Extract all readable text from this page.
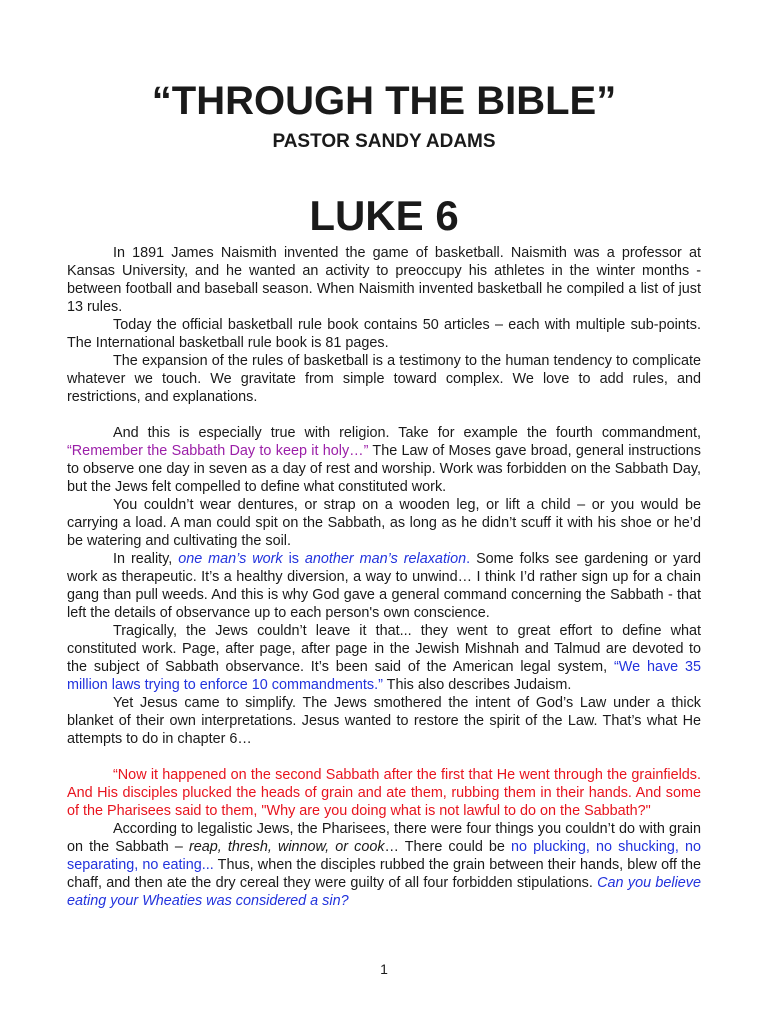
“THROUGH THE BIBLE”
PASTOR SANDY ADAMS
LUKE 6

In 1891 James Naismith invented the game of basketball. Naismith was a professor at Kansas University, and he wanted an activity to preoccupy his athletes in the winter months - between football and baseball season. When Naismith invented basketball he compiled a list of just 13 rules.

Today the official basketball rule book contains 50 articles – each with multiple sub-points. The International basketball rule book is 81 pages.

The expansion of the rules of basketball is a testimony to the human tendency to complicate whatever we touch. We gravitate from simple toward complex. We love to add rules, and restrictions, and explanations.

And this is especially true with religion. Take for example the fourth commandment, “Remember the Sabbath Day to keep it holy…” The Law of Moses gave broad, general instructions to observe one day in seven as a day of rest and worship. Work was forbidden on the Sabbath Day, but the Jews felt compelled to define what constituted work.

You couldn’t wear dentures, or strap on a wooden leg, or lift a child – or you would be carrying a load. A man could spit on the Sabbath, as long as he didn’t scuff it with his shoe or he’d be watering and cultivating the soil.

In reality, one man’s work is another man’s relaxation. Some folks see gardening or yard work as therapeutic. It’s a healthy diversion, a way to unwind… I think I’d rather sign up for a chain gang than pull weeds. And this is why God gave a general command concerning the Sabbath - that left the details of observance up to each person's own conscience.

Tragically, the Jews couldn’t leave it that... they went to great effort to define what constituted work. Page, after page, after page in the Jewish Mishnah and Talmud are devoted to the subject of Sabbath observance. It’s been said of the American legal system, “We have 35 million laws trying to enforce 10 commandments.” This also describes Judaism.

Yet Jesus came to simplify. The Jews smothered the intent of God’s Law under a thick blanket of their own interpretations. Jesus wanted to restore the spirit of the Law. That’s what He attempts to do in chapter 6…

“Now it happened on the second Sabbath after the first that He went through the grainfields. And His disciples plucked the heads of grain and ate them, rubbing them in their hands. And some of the Pharisees said to them, "Why are you doing what is not lawful to do on the Sabbath?"

According to legalistic Jews, the Pharisees, there were four things you couldn’t do with grain on the Sabbath – reap, thresh, winnow, or cook… There could be no plucking, no shucking, no separating, no eating... Thus, when the disciples rubbed the grain between their hands, blew off the chaff, and then ate the dry cereal they were guilty of all four forbidden stipulations. Can you believe eating your Wheaties was considered a sin?

1
